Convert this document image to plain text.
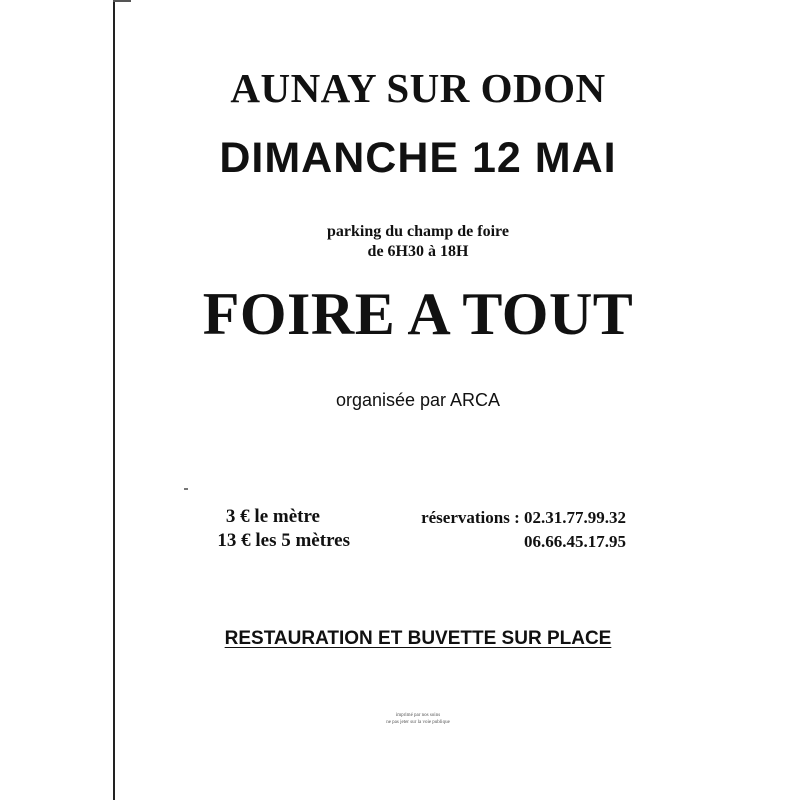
AUNAY SUR ODON
DIMANCHE 12 MAI
parking du champ de foire
de 6H30 à 18H
FOIRE A TOUT
organisée par ARCA
3 € le mètre
13 € les 5 mètres
réservations : 02.31.77.99.32
06.66.45.17.95
RESTAURATION ET BUVETTE SUR PLACE
imprimé par nos soins
ne pas jeter sur la voie publique
